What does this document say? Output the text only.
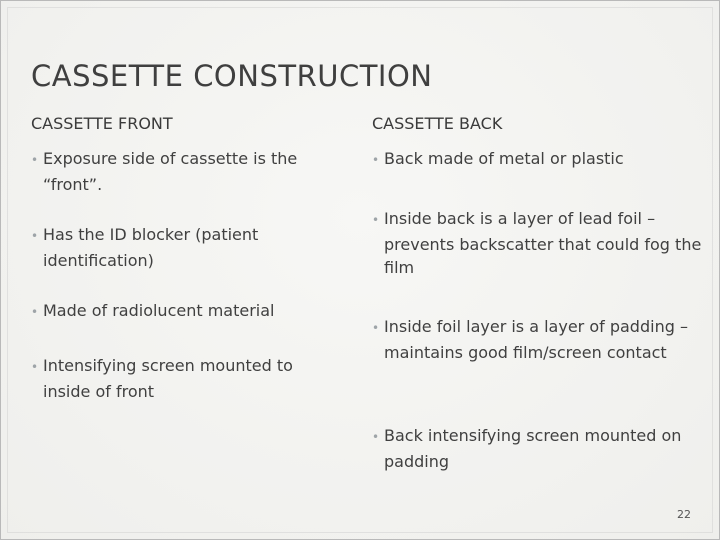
CASSETTE CONSTRUCTION
CASSETTE FRONT	CASSETTE BACK
• Exposure side of cassette is the “front”.
• Has the ID blocker (patient identification)
• Made of radiolucent material
• Intensifying screen mounted to inside of front
• Back made of metal or plastic
• Inside back is a layer of lead foil – prevents backscatter that could fog the film
• Inside foil layer is a layer of padding – maintains good film/screen contact
• Back intensifying screen mounted on padding

22
